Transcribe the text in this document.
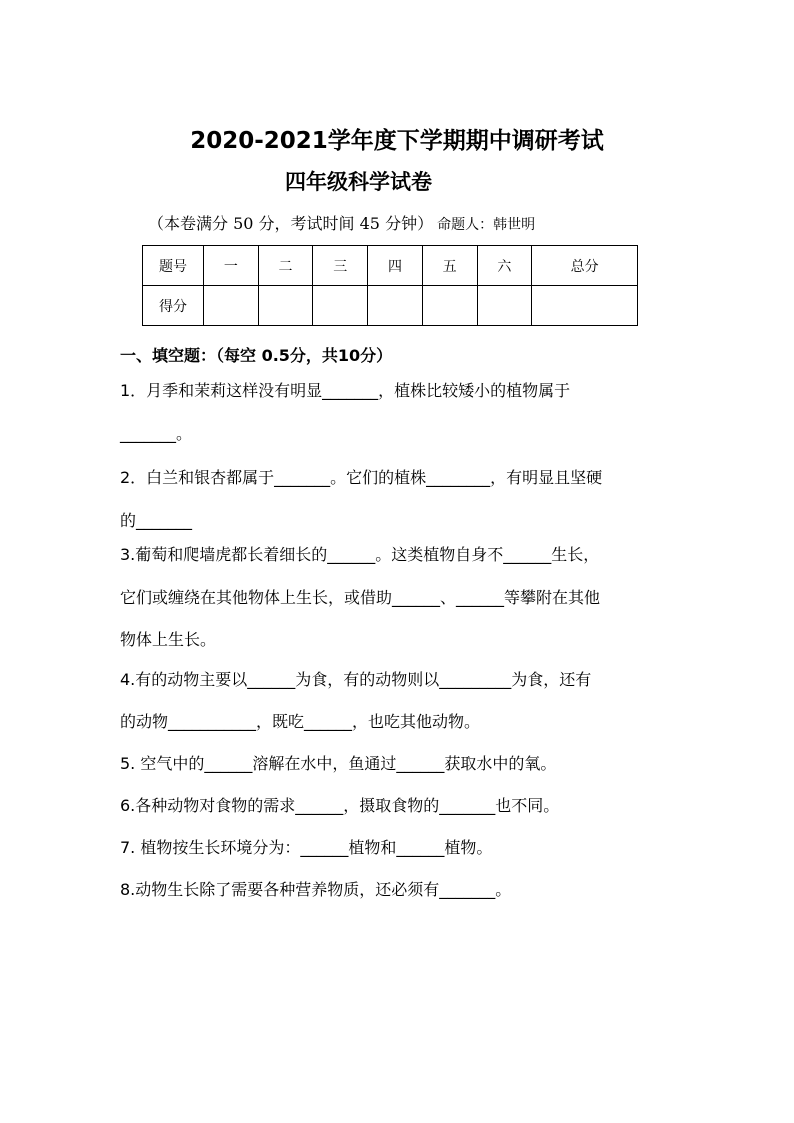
2020-2021学年度下学期期中调研考试
四年级科学试卷
（本卷满分 50 分，考试时间 45 分钟） 命题人：韩世明
题号	一	二	三	四	五	六	总分
得分							
一、填空题：（每空 0.5分，共10分）
1．月季和茉莉这样没有明显_______，植株比较矮小的植物属于
_______。
2．白兰和银杏都属于_______。它们的植株________，有明显且坚硬
的_______
3.葡萄和爬墙虎都长着细长的______。这类植物自身不______生长，
它们或缠绕在其他物体上生长，或借助______、______等攀附在其他
物体上生长。
4.有的动物主要以______为食，有的动物则以_________为食，还有
的动物___________，既吃______，也吃其他动物。
5. 空气中的______溶解在水中，鱼通过______获取水中的氧。
6.各种动物对食物的需求______，摄取食物的_______也不同。
7. 植物按生长环境分为：______植物和______植物。
8.动物生长除了需要各种营养物质，还必须有_______。
